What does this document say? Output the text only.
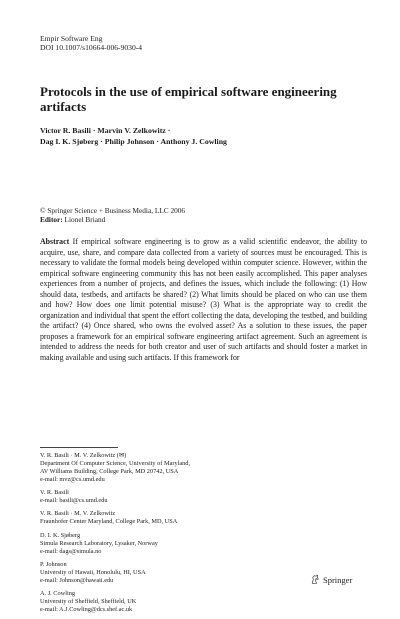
Empir Software Eng
DOI 10.1007/s10664-006-9030-4
Protocols in the use of empirical software engineering
artifacts
Victor R. Basili · Marvin V. Zelkowitz ·
Dag I. K. Sjøberg · Philip Johnson · Anthony J. Cowling
© Springer Science + Business Media, LLC 2006
Editor: Lionel Briand

Abstract If empirical software engineering is to grow as a valid scientific endeavor, the ability to acquire, use, share, and compare data collected from a variety of sources must be encouraged. This is necessary to validate the formal models being developed within computer science. However, within the empirical software engineering community this has not been easily accomplished. This paper analyses experiences from a number of projects, and defines the issues, which include the following: (1) How should data, testbeds, and artifacts be shared? (2) What limits should be placed on who can use them and how? How does one limit potential misuse? (3) What is the appropriate way to credit the organization and individual that spent the effort collecting the data, developing the testbed, and building the artifact? (4) Once shared, who owns the evolved asset? As a solution to these issues, the paper proposes a framework for an empirical software engineering artifact agreement. Such an agreement is intended to address the needs for both creator and user of such artifacts and should foster a market in making available and using such artifacts. If this framework for

V. R. Basili · M. V. Zelkowitz (✉)
Department Of Computer Science, University of Maryland,
AV Williams Building, College Park, MD 20742, USA
e-mail: mvz@cs.umd.edu
V. R. Basili
e-mail: basili@cs.umd.edu
V. R. Basili · M. V. Zelkowitz
Fraunhofer Center Maryland, College Park, MD, USA
D. I. K. Sjøberg
Simula Research Laboratory, Lysaker, Norway
e-mail: dags@simula.no
P. Johnson
University of Hawaii, Honolulu, HI, USA
e-mail: Johnson@hawaii.edu
A. J. Cowling
University of Sheffield, Sheffield, UK
e-mail: A.J.Cowling@dcs.shef.ac.uk
Springer
